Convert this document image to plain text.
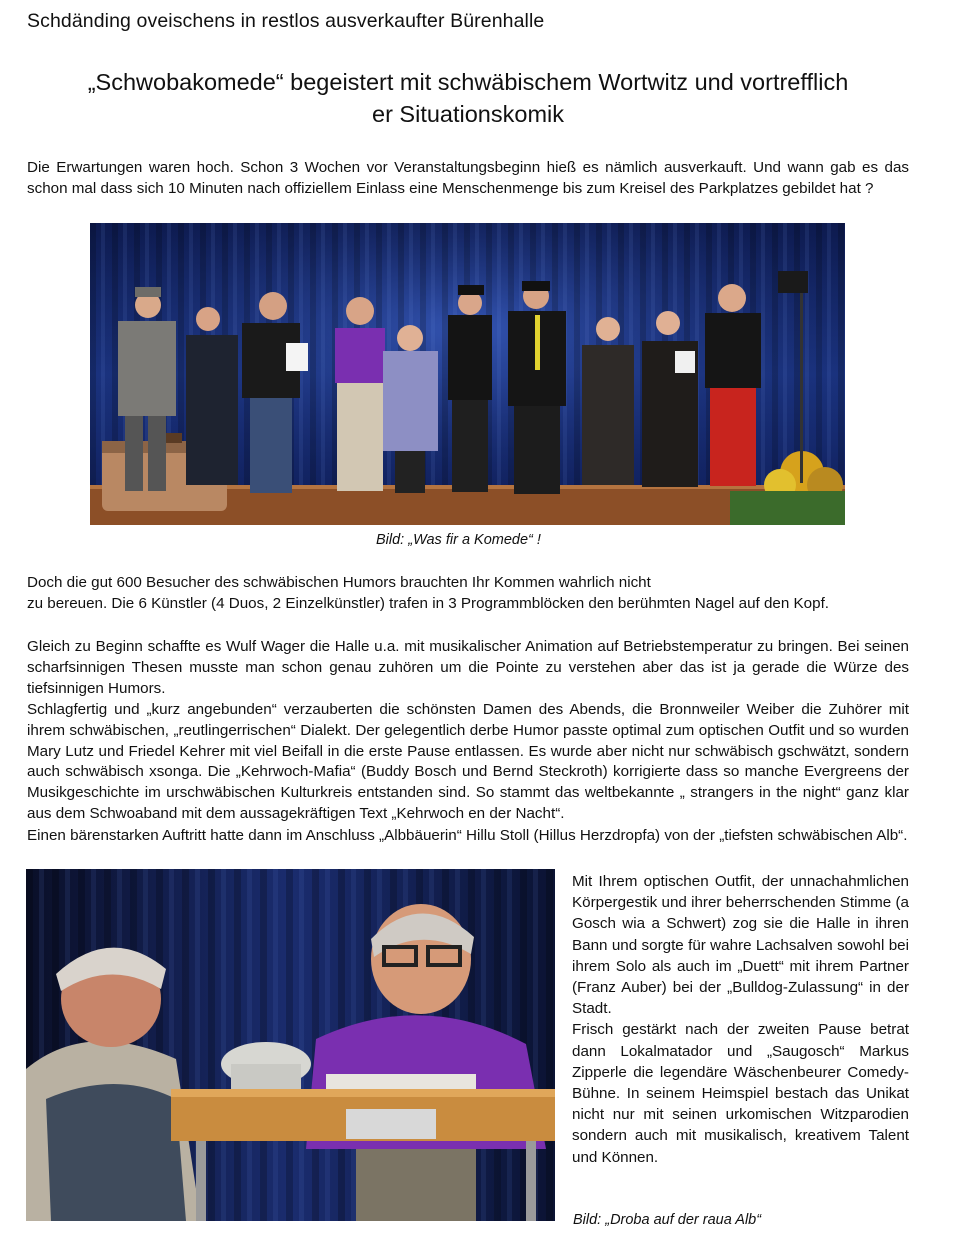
Schdänding oveischens in restlos ausverkaufter Bürenhalle
„Schwobakomede“ begeistert mit schwäbischem Wortwitz und vortrefflich
er Situationskomik

Die Erwartungen waren hoch. Schon 3 Wochen vor Veranstaltungsbeginn hieß es nämlich ausverkauft. Und wann gab es das schon mal dass sich 10 Minuten nach offiziellem Einlass eine Menschenmenge bis zum Kreisel des Parkplatzes gebildet hat ?

Bild: „Was fir a Komede“ !
Doch die gut 600 Besucher des schwäbischen Humors brauchten Ihr Kommen wahrlich nicht
zu bereuen. Die 6 Künstler (4 Duos, 2 Einzelkünstler) trafen in 3 Programmblöcken den berühmten Nagel auf den Kopf.

Gleich zu Beginn schaffte es Wulf Wager die Halle u.a. mit musikalischer Animation auf Betriebstemperatur zu bringen. Bei seinen scharfsinnigen Thesen musste man schon genau zuhören um die Pointe zu verstehen aber das ist ja gerade die Würze des tiefsinnigen Humors.

Schlagfertig und „kurz angebunden“ verzauberten die schönsten Damen des Abends, die Bronnweiler Weiber die Zuhörer mit ihrem schwäbischen, „reutlingerrischen“ Dialekt. Der gelegentlich derbe Humor passte optimal zum optischen Outfit und so wurden Mary Lutz und Friedel Kehrer mit viel Beifall in die erste Pause entlassen. Es wurde aber nicht nur schwäbisch gschwätzt, sondern auch schwäbisch xsonga. Die „Kehrwoch-Mafia“ (Buddy Bosch und Bernd Steckroth) korrigierte dass so manche Evergreens der Musikgeschichte im urschwäbischen Kulturkreis entstanden sind. So stammt das weltbekannte „ strangers in the night“ ganz klar aus dem Schwoaband mit dem aussagekräftigen Text „Kehrwoch en der Nacht“.

Einen bärenstarken Auftritt hatte dann im Anschluss „Albbäuerin“ Hillu Stoll (Hillus Herzdropfa) von der „tiefsten schwäbischen Alb“.

Mit Ihrem optischen Outfit, der unnachahmlichen Körpergestik und ihrer beherrschenden Stimme (a Gosch wia a Schwert) zog sie die Halle in ihren Bann und sorgte für wahre Lachsalven sowohl bei ihrem Solo als auch im „Duett“ mit ihrem Partner (Franz Auber) bei der „Bulldog-Zulassung“ in der Stadt.
Frisch gestärkt nach der zweiten Pause betrat dann Lokalmatador und „Saugosch“ Markus Zipperle die legendäre Wäschenbeurer Comedy-Bühne. In seinem Heimspiel bestach das Unikat nicht nur mit seinen urkomischen Witzparodien sondern auch mit musikalisch, kreativem Talent und Können.
Bild: „Droba auf der raua Alb“
